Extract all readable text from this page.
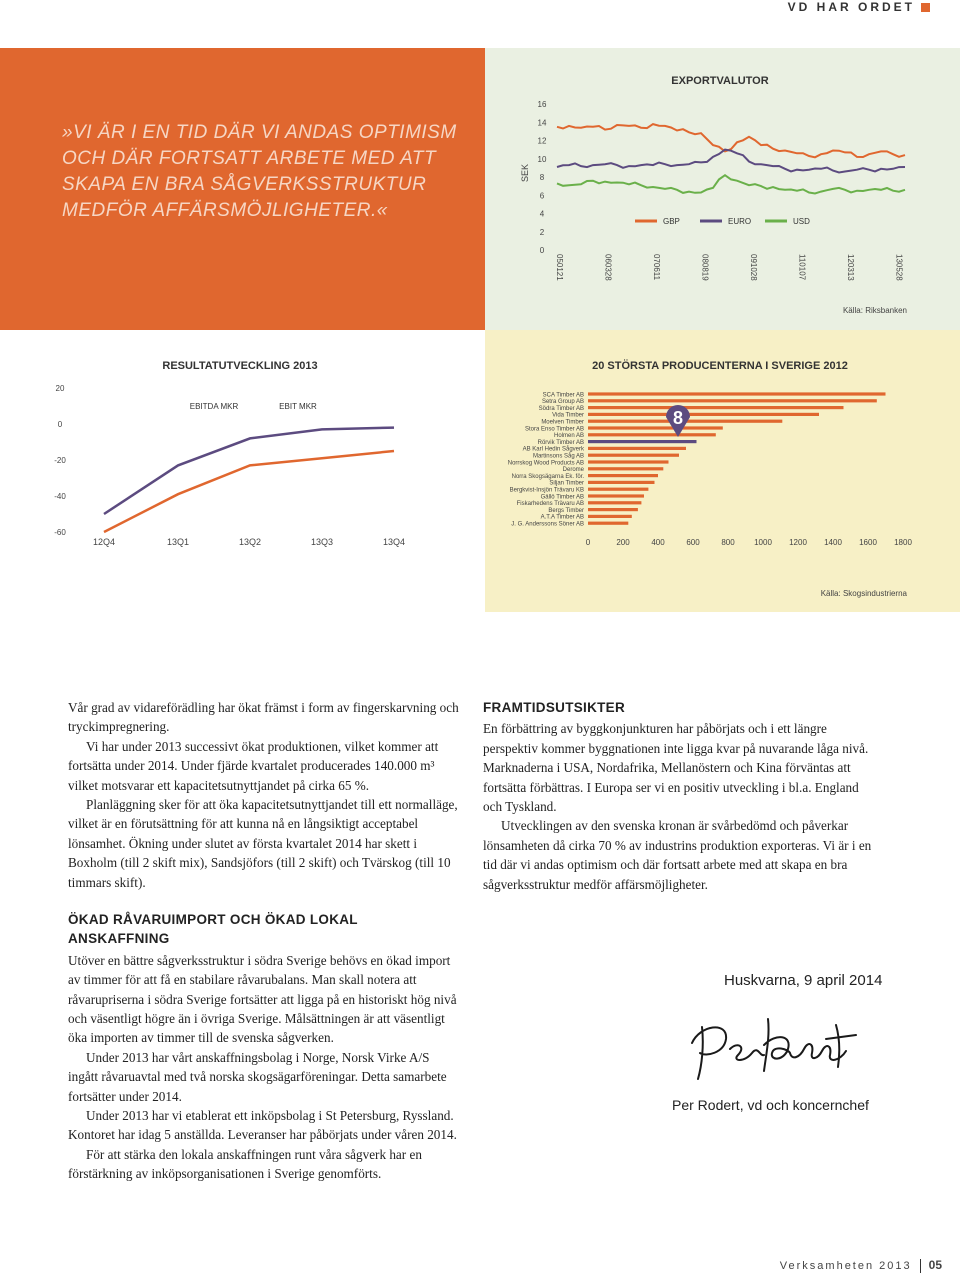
VD HAR ORDET
»VI ÄR I EN TID DÄR VI ANDAS OPTIMISM OCH DÄR FORTSATT ARBETE MED ATT SKAPA EN BRA SÅGVERKSSTRUKTUR MEDFÖR AFFÄRSMÖJLIGHETER.«
EXPORTVALUTOR
16
14
12
10
8
6
4
2
0
SEK
GBP	EURO	USD
050121	060328	070611	080819	091028	110107	120313	130528
Källa: Riksbanken
RESULTATUTVECKLING 2013
20
0
-20
-40
-60
EBITDA MKR	EBIT MKR
12Q4	13Q1	13Q2	13Q3	13Q4
20 STÖRSTA PRODUCENTERNA I SVERIGE 2012
SCA Timber AB
Setra Group AB
Södra Timber AB
Vida Timber
Moelven Timber
Stora Enso Timber AB
Holmen AB
Rörvik Timber AB
AB Karl Hedin Sågverk
Martinsons Såg AB
Norrskog Wood Products AB
Derome
Norra Skogsägarna Ek. för.
Siljan Timber
Bergkvist-Insjön Trävaru KB
Gällö Timber AB
Fiskarhedens Trävaru AB
Bergs Timber
A.T.A Timber AB
J. G. Anderssons Söner AB
8
0	200	400	600	800 1000 1200 1400 1600 1800
Källa: Skogsindustrierna

Vår grad av vidareförädling har ökat främst i form av fingerskarvning och tryckimpregnering.

Vi har under 2013 successivt ökat produktionen, vilket kommer att fortsätta under 2014. Under fjärde kvartalet producerades 140.000 m³ vilket motsvarar ett kapacitetsutnyttjandet på cirka 65 %.

Planläggning sker för att öka kapacitetsutnyttjandet till ett normalläge, vilket är en förutsättning för att kunna nå en långsiktigt acceptabel lönsamhet. Ökning under slutet av första kvartalet 2014 har skett i Boxholm (till 2 skift mix), Sandsjöfors (till 2 skift) och Tvärskog (till 10 timmars skift).

ÖKAD RÅVARUIMPORT OCH ÖKAD LOKAL ANSKAFFNING

Utöver en bättre sågverksstruktur i södra Sverige behövs en ökad import av timmer för att få en stabilare råvarubalans. Man skall notera att råvarupriserna i södra Sverige fortsätter att ligga på en historiskt hög nivå och väsentligt högre än i övriga Sverige. Målsättningen är att väsentligt öka importen av timmer till de svenska sågverken.

Under 2013 har vårt anskaffningsbolag i Norge, Norsk Virke A/S ingått råvaruavtal med två norska skogsägarföreningar. Detta samarbete fortsätter under 2014.

Under 2013 har vi etablerat ett inköpsbolag i St Petersburg, Ryssland. Kontoret har idag 5 anställda. Leveranser har påbörjats under våren 2014.

För att stärka den lokala anskaffningen runt våra sågverk har en förstärkning av inköpsorganisationen i Sverige genomförts.

FRAMTIDSUTSIKTER

En förbättring av byggkonjunkturen har påbörjats och i ett längre perspektiv kommer byggnationen inte ligga kvar på nuvarande låga nivå. Marknaderna i USA, Nordafrika, Mellanöstern och Kina förväntas att fortsätta förbättras. I Europa ser vi en positiv utveckling i bl.a. England och Tyskland.

Utvecklingen av den svenska kronan är svårbedömd och påverkar lönsamheten då cirka 70 % av industrins produktion exporteras. Vi är i en tid där vi andas optimism och där fortsatt arbete med att skapa en bra sågverksstruktur medför affärsmöjligheter.

Huskvarna, 9 april 2014
Per Rodert, vd och koncernchef
Verksamheten 2013 05
